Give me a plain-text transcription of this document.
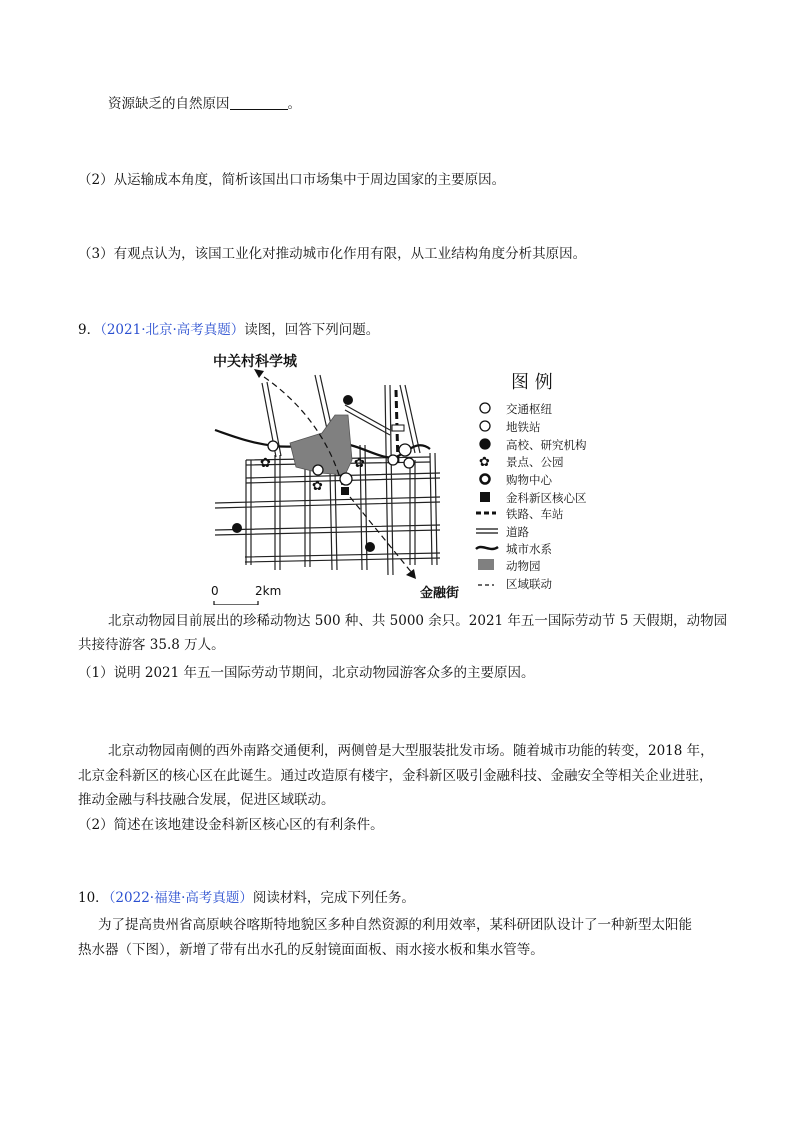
资源缺乏的自然原因	。
（2）从运输成本角度，简析该国出口市场集中于周边国家的主要原因。
（3）有观点认为，该国工业化对推动城市化作用有限，从工业结构角度分析其原因。
9．（2021·北京·高考真题）读图，回答下列问题。
✿
✿
✿
中关村科学城
金融街
0	2km
图 例
✿
交通枢纽
地铁站
高校、研究机构
景点、公园
购物中心
金科新区核心区
铁路、车站
道路
城市水系
动物园
区域联动
北京动物园目前展出的珍稀动物达 500 种、共 5000 余只。2021 年五一国际劳动节 5 天假期，动物园
共接待游客 35.8 万人。
（1）说明 2021 年五一国际劳动节期间，北京动物园游客众多的主要原因。
北京动物园南侧的西外南路交通便利，两侧曾是大型服装批发市场。随着城市功能的转变，2018 年，
北京金科新区的核心区在此诞生。通过改造原有楼宇，金科新区吸引金融科技、金融安全等相关企业进驻，
推动金融与科技融合发展，促进区域联动。
（2）简述在该地建设金科新区核心区的有利条件。
10．（2022·福建·高考真题）阅读材料，完成下列任务。
为了提高贵州省高原峡谷喀斯特地貌区多种自然资源的利用效率，某科研团队设计了一种新型太阳能
热水器（下图），新增了带有出水孔的反射镜面面板、雨水接水板和集水管等。
